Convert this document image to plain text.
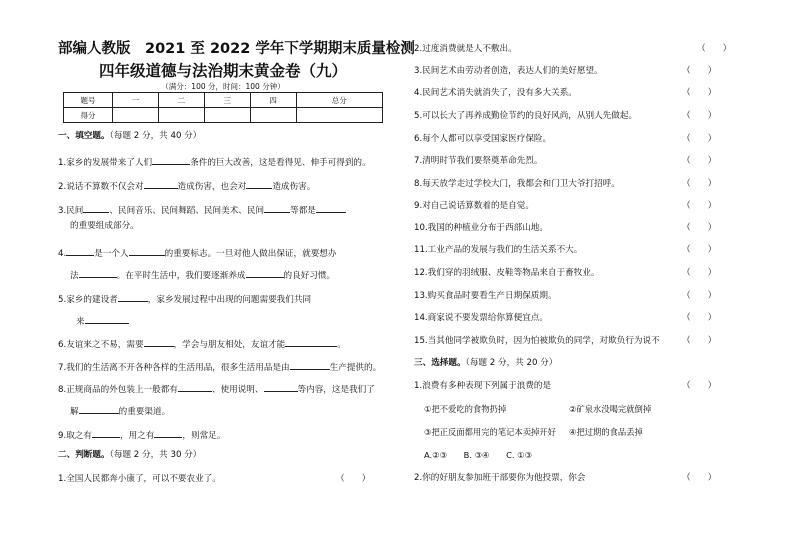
部编人教版　2021 至 2022 学年下学期期末质量检测
四年级道德与法治期末黄金卷（九）
（满分：100 分，时间：100 分钟）
题号	一	二	三	四	总分
得分					
一、填空题。（每题 2 分，共 40 分）
1.家乡的发展带来了人们	条件的巨大改善，这是看得见、伸手可得到的。
2.说话不算数不仅会对	造成伤害，也会对	造成伤害。
3.民间	、民间音乐、民间舞蹈、民间美术、民间	等都是
的重要组成部分。
4.	是一个人	的重要标志。一旦对他人做出保证，就要想办
法	。在平时生活中，我们要逐渐养成	的良好习惯。
5.家乡的建设者	，家乡发展过程中出现的问题需要我们共同
来
6.友谊来之不易，需要	，学会与朋友相处，友谊才能	。
7.我们的生活离不开各种各样的生活用品，很多生活用品是由	生产提供的。
8.正规商品的外包装上一般都有	、使用说明、	等内容，这是我们了
解	的重要渠道。
9.取之有	，用之有	，则常足。
二、判断题。（每题 2 分，共 30 分）
1.全国人民都奔小康了，可以不要农业了。	（　　）
2.过度消费就是人不敷出。	（　　）
3.民间艺术由劳动者创造，表达人们的美好愿望。	（　　）
4.民间艺术消失就消失了，没有多大关系。	（　　）
5.可以长大了再养成勤俭节约的良好风尚，从别人先做起。	（　　）
6.每个人都可以享受国家医疗保险。	（　　）
7.清明时节我们要祭奠革命先烈。	（　　）
8.每天放学走过学校大门，我都会和门卫大爷打招呼。	（　　）
9.对自己说话算数着的是自觉。	（　　）
10.我国的种植业分布于西部山地。	（　　）
11.工业产品的发展与我们的生活关系不大。	（　　）
12.我们穿的羽绒服、皮鞋等物品来自于畜牧业。	（　　）
13.购买食品时要看生产日期保质期。	（　　）
14.商家说不要发票给你算便宜点。	（　　）
15.当其他同学被欺负时，因为怕被欺负的同学，对欺负行为说不	（　　）
三、选择题。（每题 2 分，共 20 分）
1.浪费有多种表现下列属于浪费的是	（　　）
①把不爱吃的食物扔掉	②矿泉水没喝完就倒掉
③把正反面都用完的笔记本卖掉开好 ④把过期的食品丢掉
A.②③　　B. ③④　　C. ①③
2.你的好朋友参加班干部要你为他投票，你会	（　　）
